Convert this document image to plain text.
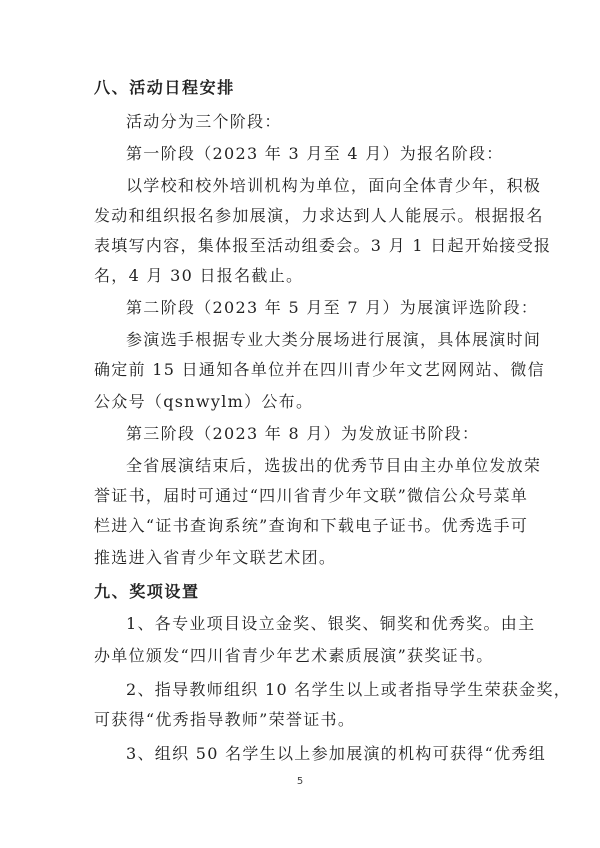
八、活动日程安排
活动分为三个阶段：
第一阶段（2023 年 3 月至 4 月）为报名阶段：
以学校和校外培训机构为单位，面向全体青少年，积极
发动和组织报名参加展演，力求达到人人能展示。根据报名
表填写内容，集体报至活动组委会。3 月 1 日起开始接受报
名，4 月 30 日报名截止。
第二阶段（2023 年 5 月至 7 月）为展演评选阶段：
参演选手根据专业大类分展场进行展演，具体展演时间
确定前 15 日通知各单位并在四川青少年文艺网网站、微信
公众号（qsnwylm）公布。
第三阶段（2023 年 8 月）为发放证书阶段：
全省展演结束后，选拔出的优秀节目由主办单位发放荣
誉证书，届时可通过“四川省青少年文联”微信公众号菜单
栏进入“证书查询系统”查询和下载电子证书。优秀选手可
推选进入省青少年文联艺术团。
九、奖项设置
1、各专业项目设立金奖、银奖、铜奖和优秀奖。由主
办单位颁发“四川省青少年艺术素质展演”获奖证书。
2、指导教师组织 10 名学生以上或者指导学生荣获金奖，
可获得“优秀指导教师”荣誉证书。
3、组织 50 名学生以上参加展演的机构可获得“优秀组
5
